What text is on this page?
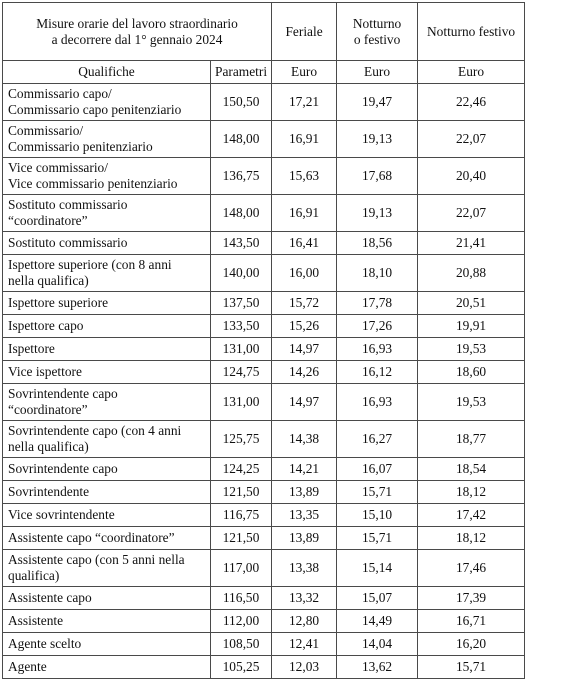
Misure orarie del lavoro straordinario
a decorrere dal 1° gennaio 2024		Feriale	Notturno
o festivo	Notturno festivo
Qualifiche	Parametri	Euro	Euro	Euro
Commissario capo/
Commissario capo penitenziario	150,50	17,21	19,47	22,46
Commissario/
Commissario penitenziario	148,00	16,91	19,13	22,07
Vice commissario/
Vice commissario penitenziario	136,75	15,63	17,68	20,40
Sostituto commissario
“coordinatore”	148,00	16,91	19,13	22,07
Sostituto commissario	143,50	16,41	18,56	21,41
Ispettore superiore (con 8 anni
nella qualifica)	140,00	16,00	18,10	20,88
Ispettore superiore	137,50	15,72	17,78	20,51
Ispettore capo	133,50	15,26	17,26	19,91
Ispettore	131,00	14,97	16,93	19,53
Vice ispettore	124,75	14,26	16,12	18,60
Sovrintendente capo
“coordinatore”	131,00	14,97	16,93	19,53
Sovrintendente capo (con 4 anni
nella qualifica)	125,75	14,38	16,27	18,77
Sovrintendente capo	124,25	14,21	16,07	18,54
Sovrintendente	121,50	13,89	15,71	18,12
Vice sovrintendente	116,75	13,35	15,10	17,42
Assistente capo “coordinatore”	121,50	13,89	15,71	18,12
Assistente capo (con 5 anni nella
qualifica)	117,00	13,38	15,14	17,46
Assistente capo	116,50	13,32	15,07	17,39
Assistente	112,00	12,80	14,49	16,71
Agente scelto	108,50	12,41	14,04	16,20
Agente	105,25	12,03	13,62	15,71
